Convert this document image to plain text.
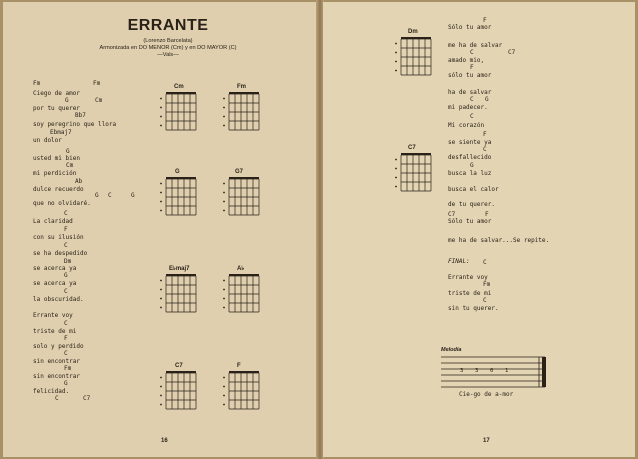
ERRANTE
(Lorenzo Barcelata)
Armonizada en DO MENOR (Cm) y en DO MAYOR (C)
—Vals—
Fm	Fm
G	Cm
Bb7
Ebmaj7
G
Cm
Ab
G C	G
C
F
C
Dm
G
C
C
F
C
Fm
G
C	C7
Ciego de amor
por tu querer
soy peregrino que llora
un dolor
usted mi bien
mi perdición
dulce recuerdo
que no olvidaré.
La claridad
con su ilusión
se ha despedido
se acerca ya
se acerca ya
la obscuridad.
Errante voy
triste de mi
solo y perdido
sin encontrar
sin encontrar
felicidad.
Cm	Fm
G	G7
E♭maj7	A♭
C7	F
16
Dm
C7
F
C	C7
F
C G
C
F
C
G
C7	F
C
Fm
C
Sólo tu amor
me ha de salvar
amado mio,
sólo tu amor
ha de salvar
mi padecer.
Mi corazón
se siente ya
desfallecido
busca la luz
busca el calor
de tu querer.
Sólo tu amor
me ha de salvar...Se repite.
FINAL:
Errante voy
triste de mi
sin tu querer.
Melodía
3 3 0 1
Cie-go de a-mor
17
